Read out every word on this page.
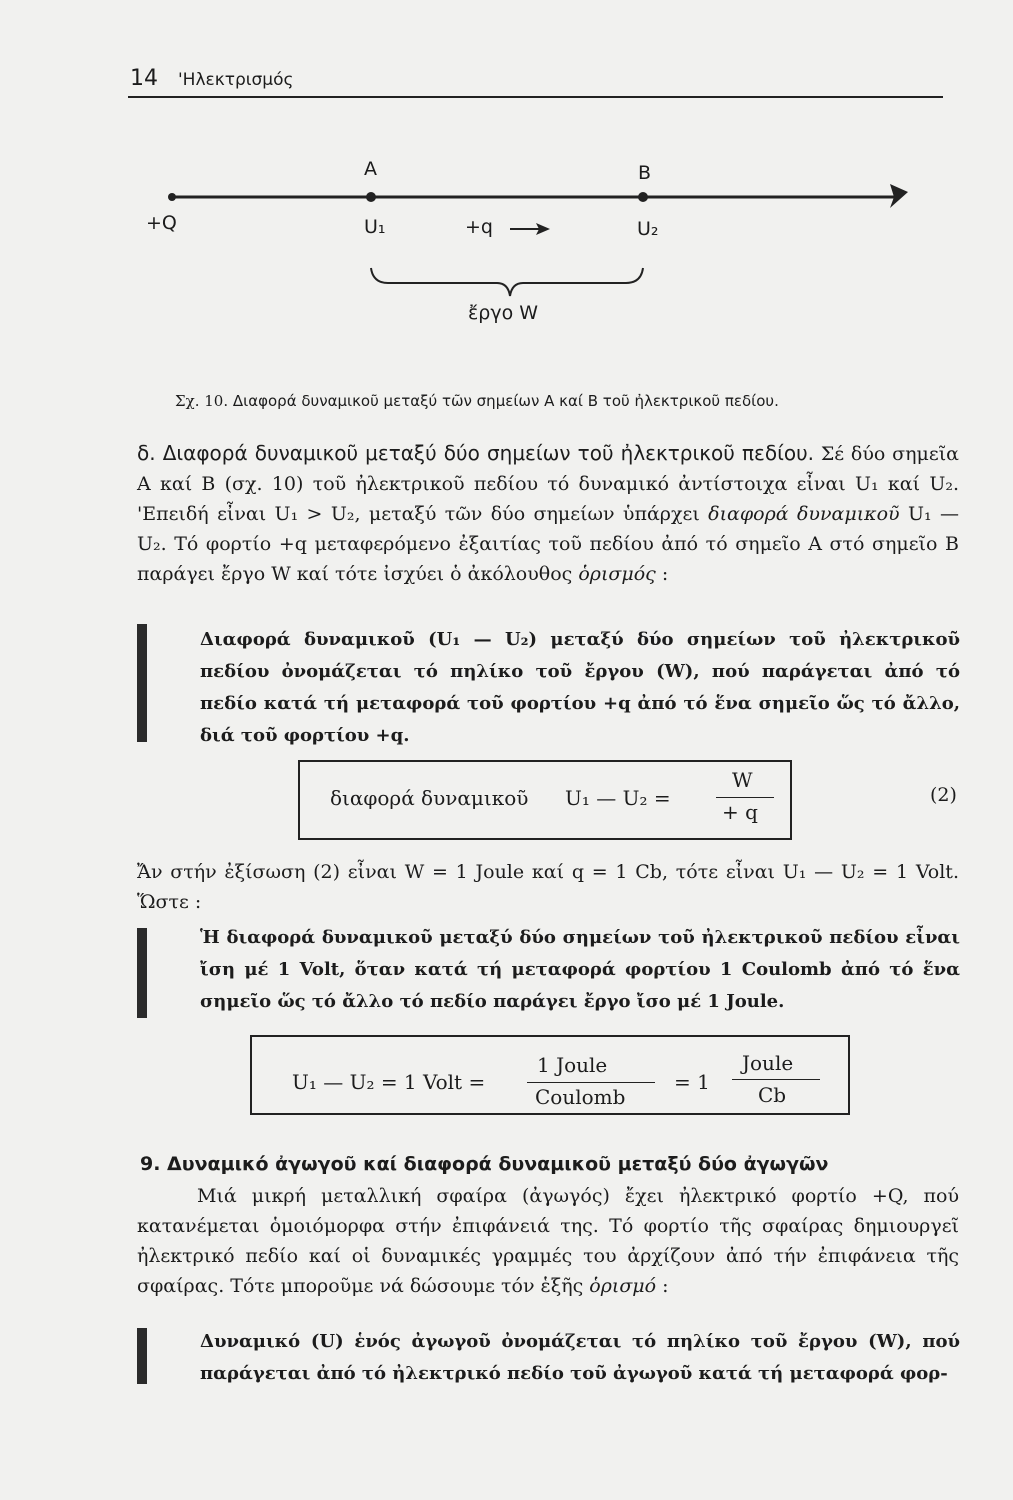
14 'Ηλεκτρισμός
A	B
+Q	U₁	+q	U₂
ἔργο W
Σχ. 10. Διαφορά δυναμικοῦ μεταξύ τῶν σημείων A καί B τοῦ ἠλεκτρικοῦ πεδίου.
δ. Διαφορά δυναμικοῦ μεταξύ δύο σημείων τοῦ ἠλεκτρικοῦ πεδίου. Σέ δύο σημεῖα A καί B (σχ. 10) τοῦ ἠλεκτρικοῦ πεδίου τό δυναμικό ἀντίστοιχα εἶναι U₁ καί U₂. 'Επειδή εἶναι U₁ > U₂, μεταξύ τῶν δύο σημείων ὑπάρχει διαφορά δυναμικοῦ U₁ — U₂. Τό φορτίο +q μεταφερόμενο ἐξαιτίας τοῦ πεδίου ἀπό τό σημεῖο A στό σημεῖο B παράγει ἔργο W καί τότε ἰσχύει ὁ ἀκόλουθος ὁρισμός :
Διαφορά δυναμικοῦ (U₁ — U₂) μεταξύ δύο σημείων τοῦ ἠλεκτρικοῦ πεδίου ὀνομάζεται τό πηλίκο τοῦ ἔργου (W), πού παράγεται ἀπό τό πεδίο κατά τή μεταφορά τοῦ φορτίου +q ἀπό τό ἕνα σημεῖο ὥς τό ἄλλο, διά τοῦ φορτίου +q.
διαφορά δυναμικοῦ U₁ — U₂ =
W
+ q
(2)
Ἄν στήν ἐξίσωση (2) εἶναι W = 1 Joule καί q = 1 Cb, τότε εἶναι U₁ — U₂ = 1 Volt. Ὥστε :
Ἡ διαφορά δυναμικοῦ μεταξύ δύο σημείων τοῦ ἠλεκτρικοῦ πεδίου εἶναι ἴση μέ 1 Volt, ὅταν κατά τή μεταφορά φορτίου 1 Coulomb ἀπό τό ἕνα σημεῖο ὥς τό ἄλλο τό πεδίο παράγει ἔργο ἴσο μέ 1 Joule.
U₁ — U₂ = 1 Volt =
1 Joule
Coulomb
= 1
Joule
Cb
9. Δυναμικό ἀγωγοῦ καί διαφορά δυναμικοῦ μεταξύ δύο ἀγωγῶν
Μιά μικρή μεταλλική σφαίρα (ἀγωγός) ἔχει ἠλεκτρικό φορτίο +Q, πού κατανέμεται ὁμοιόμορφα στήν ἐπιφάνειά της. Τό φορτίο τῆς σφαίρας δημιουργεῖ ἠλεκτρικό πεδίο καί οἱ δυναμικές γραμμές του ἀρχίζουν ἀπό τήν ἐπιφάνεια τῆς σφαίρας. Τότε μποροῦμε νά δώσουμε τόν ἑξῆς ὁρισμό :
Δυναμικό (U) ἑνός ἀγωγοῦ ὀνομάζεται τό πηλίκο τοῦ ἔργου (W), πού παράγεται ἀπό τό ἠλεκτρικό πεδίο τοῦ ἀγωγοῦ κατά τή μεταφορά φορ-
